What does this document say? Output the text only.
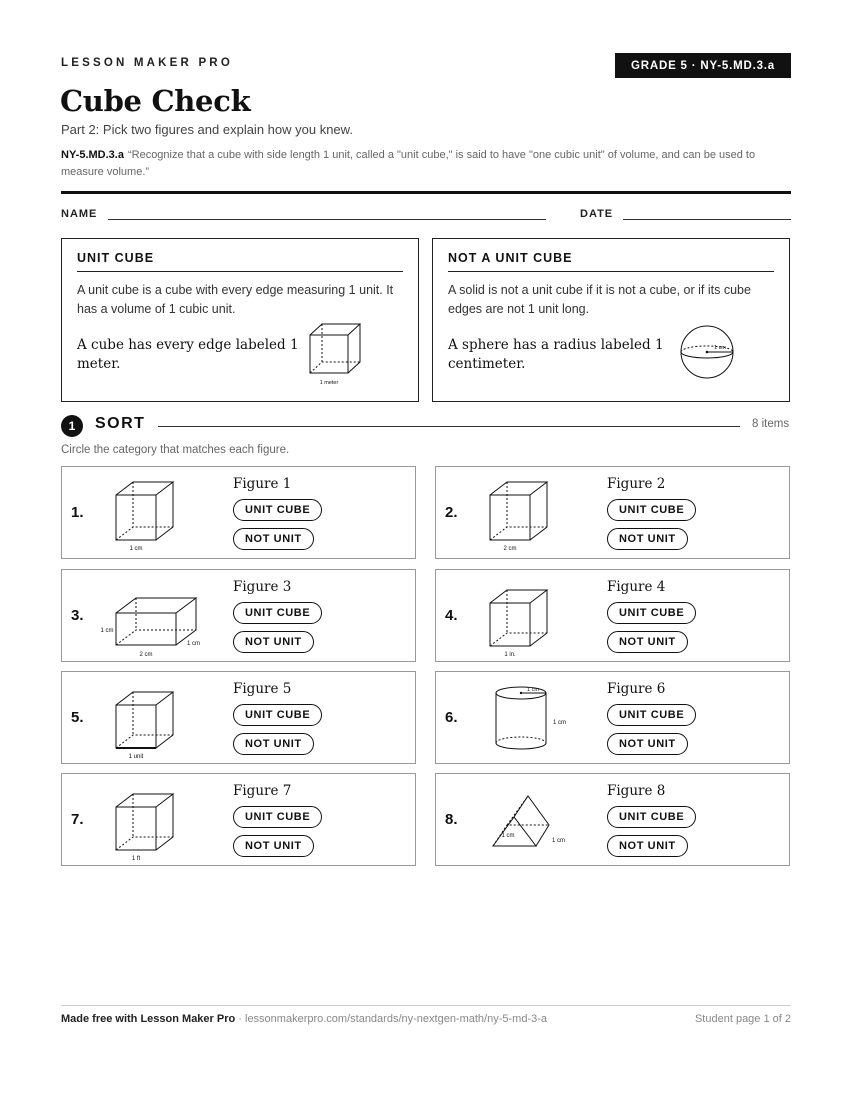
LESSON MAKER PRO	GRADE 5 · NY-5.MD.3.a
Cube Check
Part 2: Pick two figures and explain how you knew.
NY-5.MD.3.a “Recognize that a cube with side length 1 unit, called a "unit cube," is said to have "one cubic unit" of volume, and can be used to measure volume.”
NAME	DATE
UNIT CUBE
A unit cube is a cube with every edge measuring 1 unit. It has a volume of 1 cubic unit.
A cube has every edge labeled 1 meter.
1 meter
NOT A UNIT CUBE
A solid is not a unit cube if it is not a cube, or if its cube edges are not 1 unit long.
A sphere has a radius labeled 1 centimeter.
1 cm
1	SORT	8 items
Circle the category that matches each figure.
1.
1 cm
Figure 1
UNIT CUBE
NOT UNIT
2.
2 cm
Figure 2
UNIT CUBE
NOT UNIT
3.
1 cm
1 cm
2 cm
Figure 3
UNIT CUBE
NOT UNIT
4.
1 in.
Figure 4
UNIT CUBE
NOT UNIT
5.
1 unit
Figure 5
UNIT CUBE
NOT UNIT
6.
1 cm
1 cm
Figure 6
UNIT CUBE
NOT UNIT
7.
1 ft
Figure 7
UNIT CUBE
NOT UNIT
8.
1 cm
1 cm
Figure 8
UNIT CUBE
NOT UNIT
Made free with Lesson Maker Pro · lessonmakerpro.com/standards/ny-nextgen-math/ny-5-md-3-a	Student page 1 of 2
